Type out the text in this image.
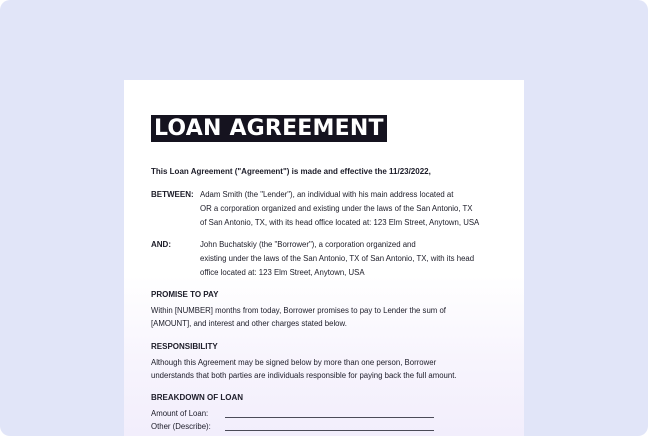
LOAN AGREEMENT
This Loan Agreement ("Agreement") is made and effective the 11/23/2022,
BETWEEN: Adam Smith (the "Lender"), an individual with his main address located at
OR a corporation organized and existing under the laws of the San Antonio, TX
of San Antonio, TX, with its head office located at: 123 Elm Street, Anytown, USA
AND:	John Buchatskiy (the "Borrower"), a corporation organized and
existing under the laws of the San Antonio, TX of San Antonio, TX, with its head
office located at: 123 Elm Street, Anytown, USA
PROMISE TO PAY
Within [NUMBER] months from today, Borrower promises to pay to Lender the sum of
[AMOUNT], and interest and other charges stated below.
RESPONSIBILITY
Although this Agreement may be signed below by more than one person, Borrower
understands that both parties are individuals responsible for paying back the full amount.
BREAKDOWN OF LOAN
Amount of Loan:
Other (Describe):
